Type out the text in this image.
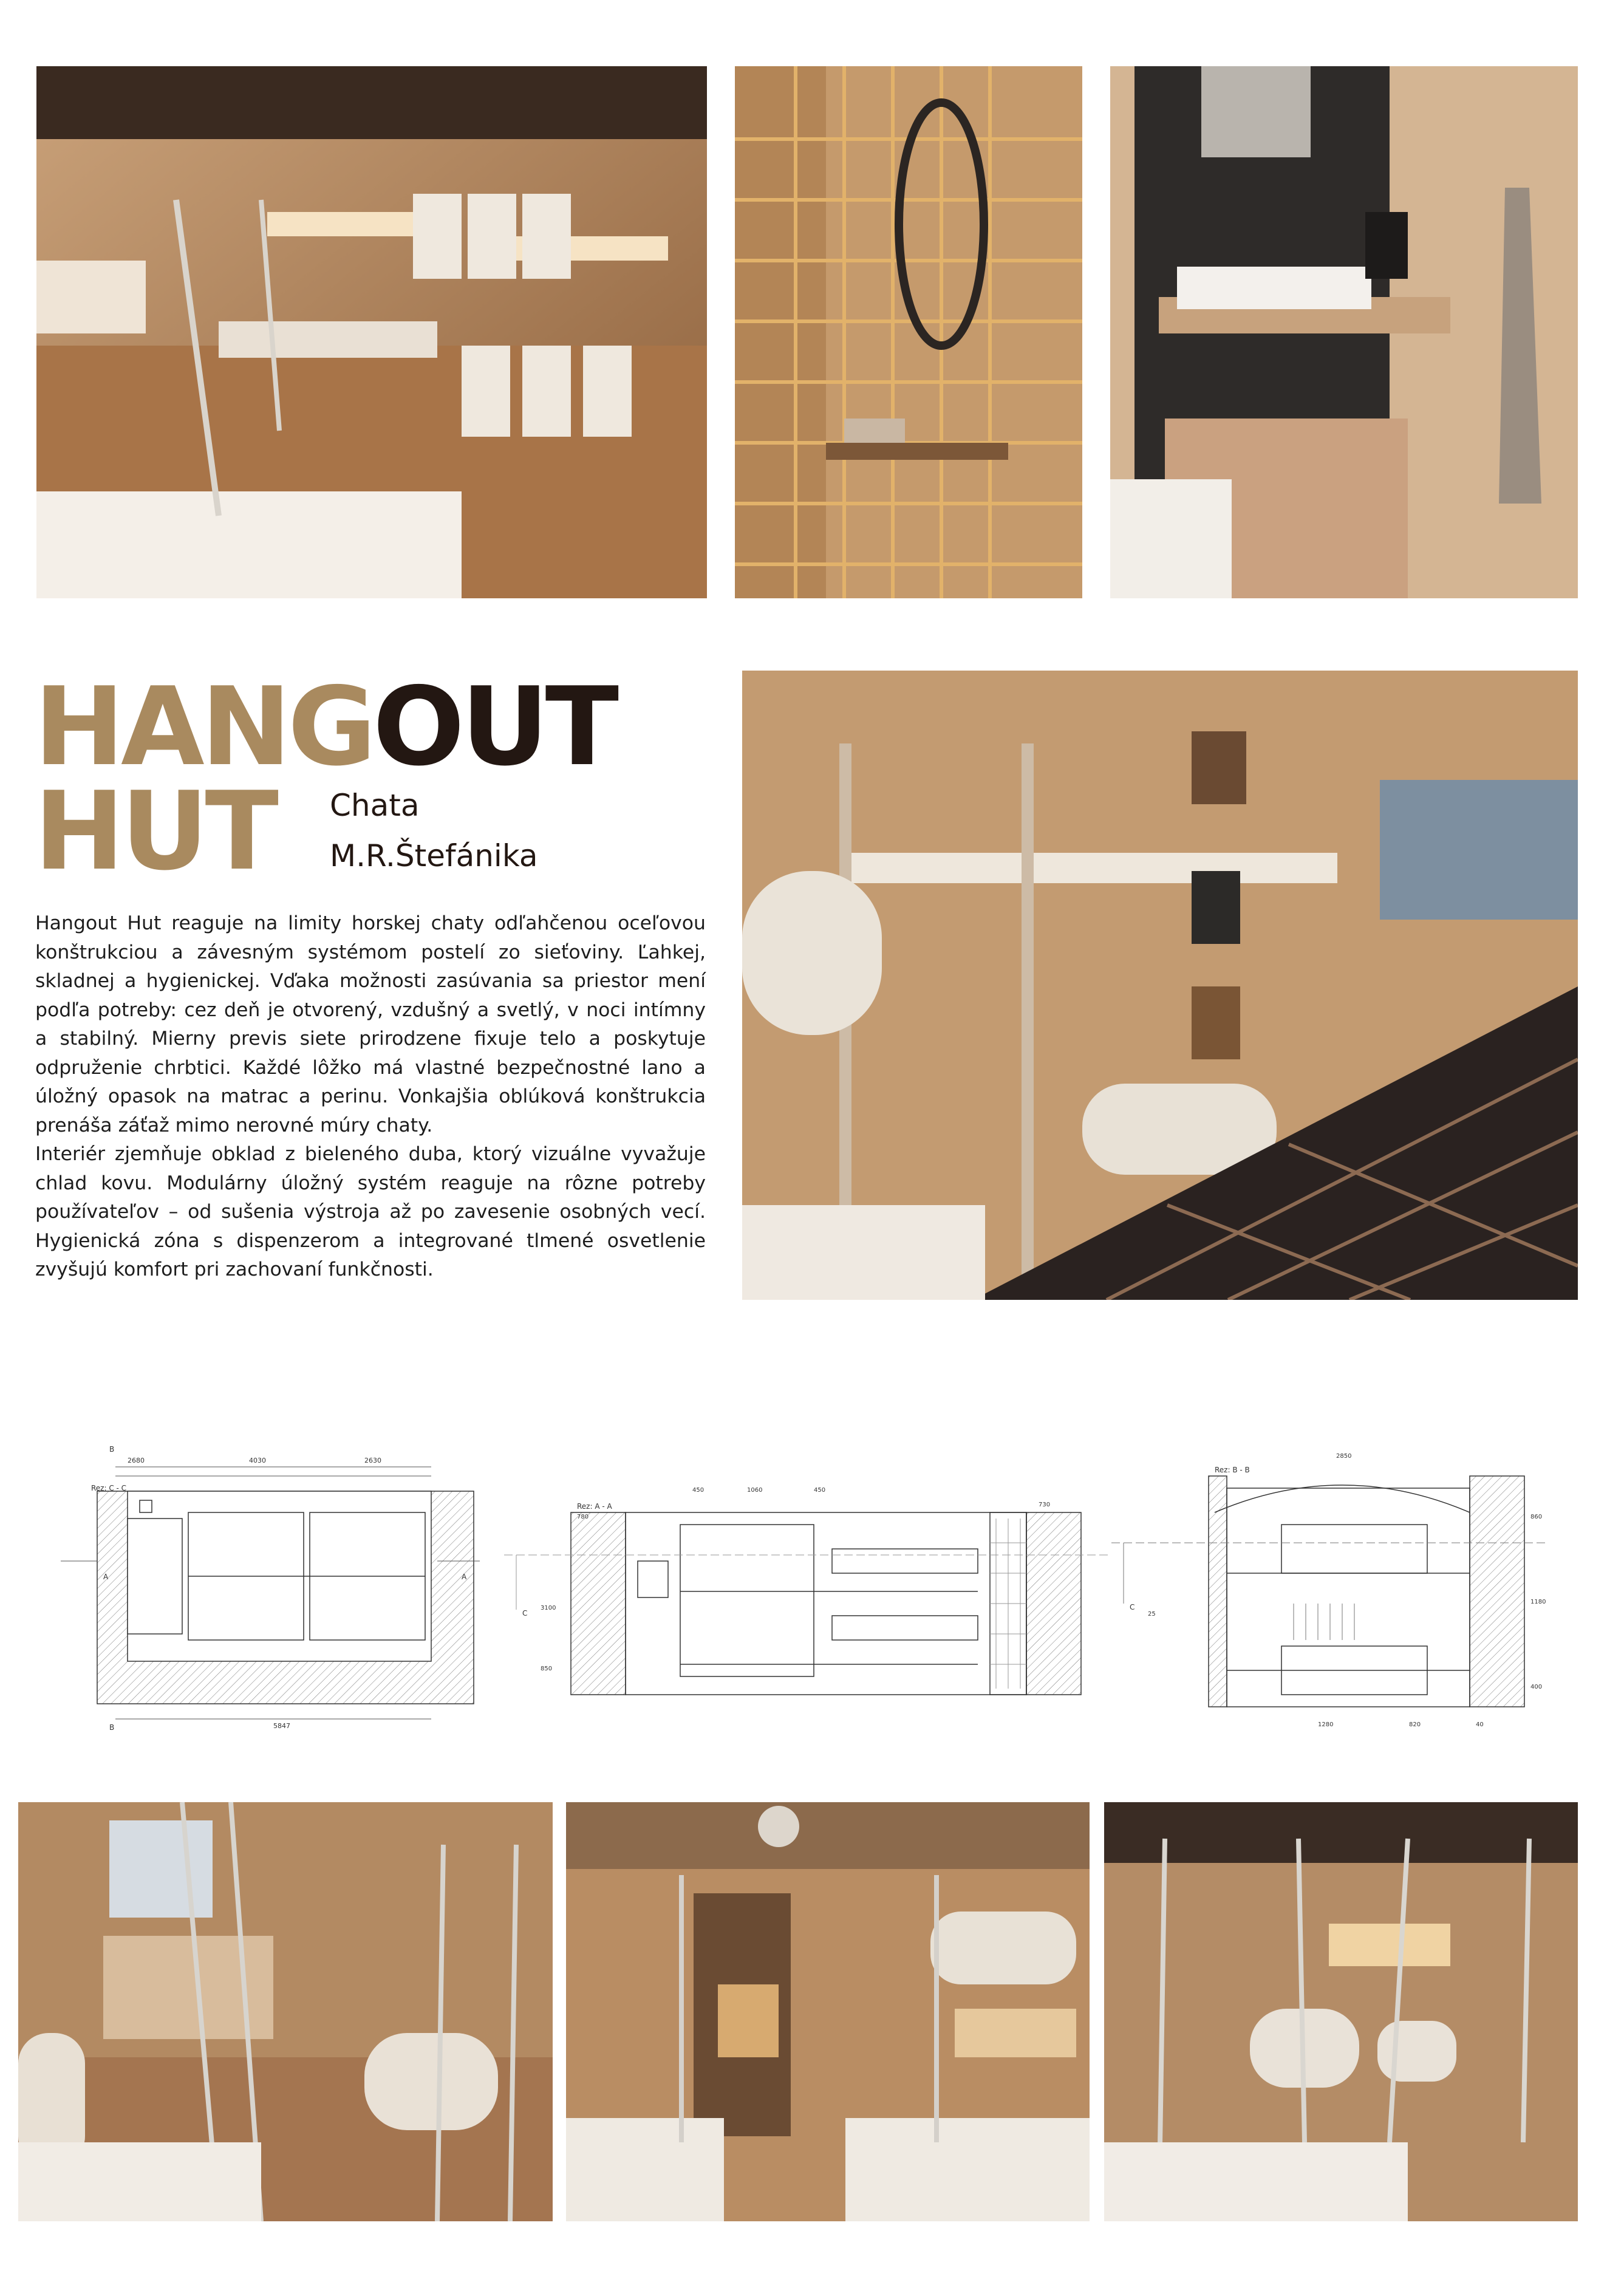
HANGOUT
HUT Chata
M.R.Štefánika

Hangout Hut reaguje na limity horskej chaty odľahčenou oceľovou konštrukciou a závesným systémom postelí zo sieťoviny. Ľahkej, skladnej a hygienickej. Vďaka možnosti zasúvania sa priestor mení podľa potreby: cez deň je otvorený, vzdušný a svetlý, v noci intímny a stabilný. Mierny previs siete prirodzene fixuje telo a poskytuje odpruženie chrbtici. Každé lôžko má vlastné bezpečnostné lano a úložný opasok na matrac a perinu. Vonkajšia oblúková konštrukcia prenáša záťaž mimo nerovné múry chaty.

Interiér zjemňuje obklad z bieleného duba, ktorý vizuálne vyvažuje chlad kovu. Modulárny úložný systém reaguje na rôzne potreby používateľov – od sušenia výstroja až po zavesenie osobných vecí. Hygienická zóna s dispenzerom a integrované tlmené osvetlenie zvyšujú komfort pri zachovaní funkčnosti.

2680	4030	2630
5847
Rez: C - C
A	A
B
B
Rez: A - A
780
450	1060	450
730
3100
850
C
Rez: B - B
2850
860
1180
400
25
1280	820	40
C
